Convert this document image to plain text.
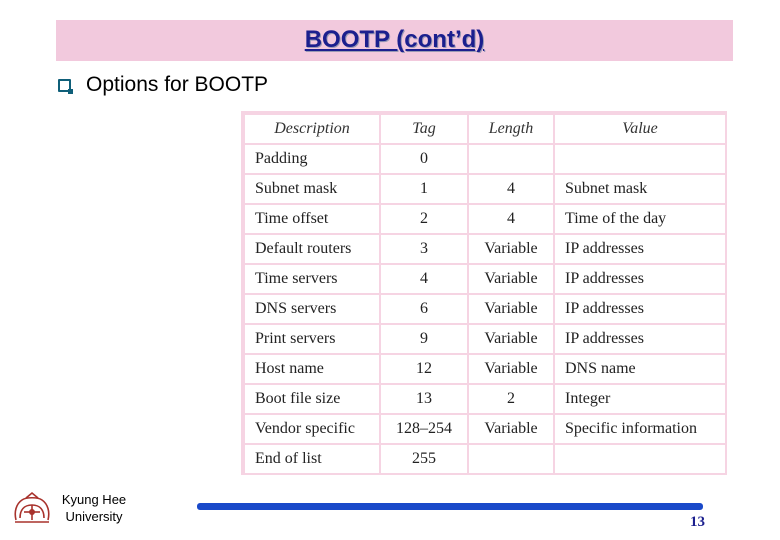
BOOTP (cont’d)
Options for BOOTP
Description	Tag	Length	Value
Padding	0		
Subnet mask	1	4	Subnet mask
Time offset	2	4	Time of the day
Default routers	3	Variable	IP addresses
Time servers	4	Variable	IP addresses
DNS servers	6	Variable	IP addresses
Print servers	9	Variable	IP addresses
Host name	12	Variable	DNS name
Boot file size	13	2	Integer
Vendor specific	128–254	Variable	Specific information
End of list	255		
Kyung Hee
University	13
